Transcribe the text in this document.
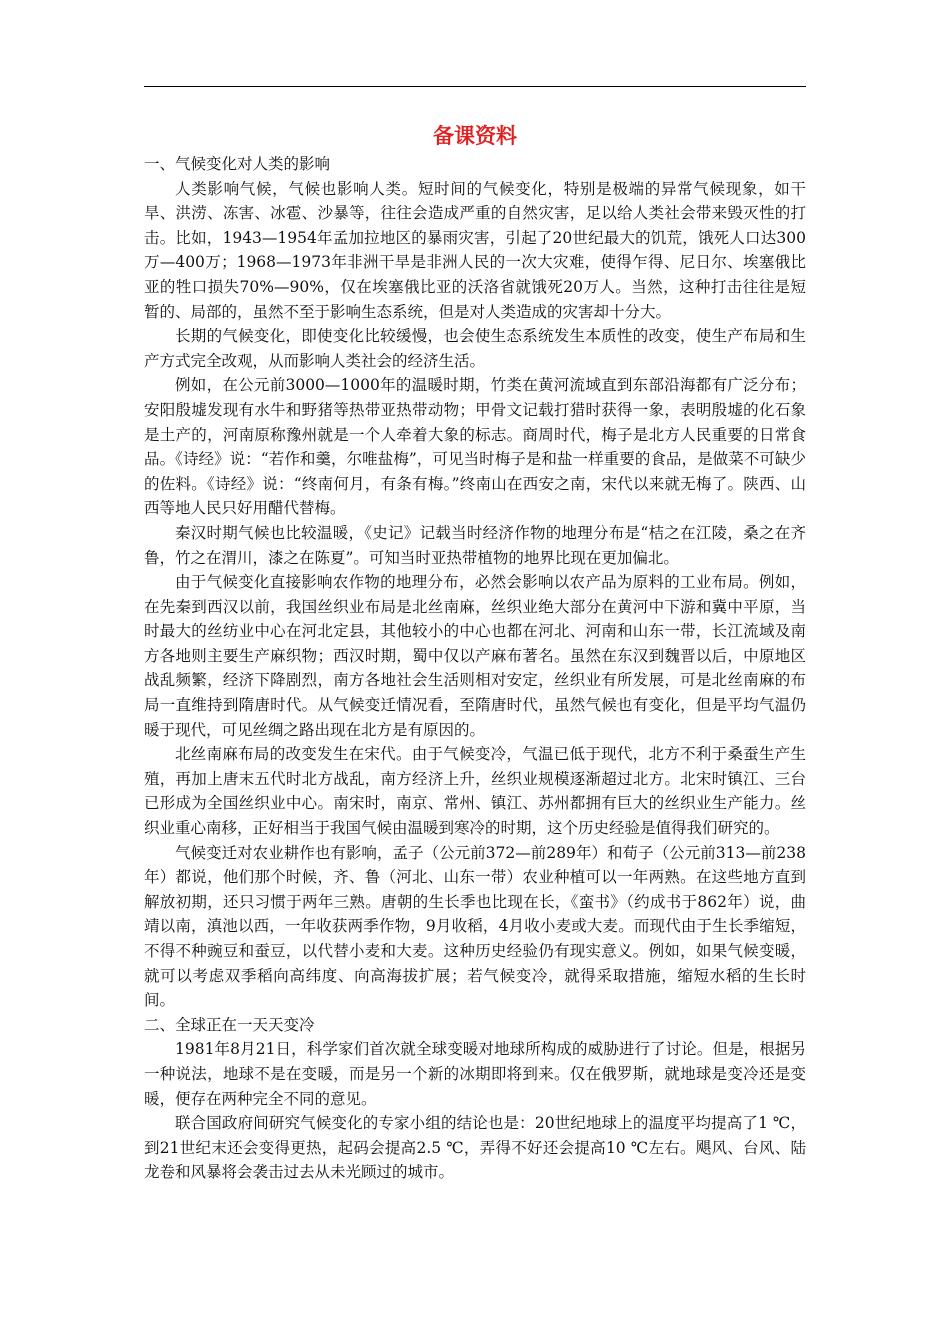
备课资料

一、气候变化对人类的影响

人类影响气候，气候也影响人类。短时间的气候变化，特别是极端的异常气候现象，如干旱、洪涝、冻害、冰雹、沙暴等，往往会造成严重的自然灾害，足以给人类社会带来毁灭性的打击。比如，1943—1954年孟加拉地区的暴雨灾害，引起了20世纪最大的饥荒，饿死人口达300万—400万；1968—1973年非洲干旱是非洲人民的一次大灾难，使得乍得、尼日尔、埃塞俄比亚的牲口损失70%—90%，仅在埃塞俄比亚的沃洛省就饿死20万人。当然，这种打击往往是短暂的、局部的，虽然不至于影响生态系统，但是对人类造成的灾害却十分大。

长期的气候变化，即使变化比较缓慢，也会使生态系统发生本质性的改变，使生产布局和生产方式完全改观，从而影响人类社会的经济生活。

例如，在公元前3000—1000年的温暖时期，竹类在黄河流域直到东部沿海都有广泛分布；安阳殷墟发现有水牛和野猪等热带亚热带动物；甲骨文记载打猎时获得一象，表明殷墟的化石象是土产的，河南原称豫州就是一个人牵着大象的标志。商周时代，梅子是北方人民重要的日常食品。《诗经》说：“若作和羹，尔唯盐梅”，可见当时梅子是和盐一样重要的食品，是做菜不可缺少的佐料。《诗经》说：“终南何月，有条有梅。”终南山在西安之南，宋代以来就无梅了。陕西、山西等地人民只好用醋代替梅。

秦汉时期气候也比较温暖，《史记》记载当时经济作物的地理分布是“桔之在江陵，桑之在齐鲁，竹之在渭川，漆之在陈夏”。可知当时亚热带植物的地界比现在更加偏北。

由于气候变化直接影响农作物的地理分布，必然会影响以农产品为原料的工业布局。例如，在先秦到西汉以前，我国丝织业布局是北丝南麻，丝织业绝大部分在黄河中下游和冀中平原，当时最大的丝纺业中心在河北定县，其他较小的中心也都在河北、河南和山东一带，长江流域及南方各地则主要生产麻织物；西汉时期，蜀中仅以产麻布著名。虽然在东汉到魏晋以后，中原地区战乱频繁，经济下降剧烈，南方各地社会生活则相对安定，丝织业有所发展，可是北丝南麻的布局一直维持到隋唐时代。从气候变迁情况看，至隋唐时代，虽然气候也有变化，但是平均气温仍暖于现代，可见丝绸之路出现在北方是有原因的。

北丝南麻布局的改变发生在宋代。由于气候变冷，气温已低于现代，北方不利于桑蚕生产生殖，再加上唐末五代时北方战乱，南方经济上升，丝织业规模逐渐超过北方。北宋时镇江、三台已形成为全国丝织业中心。南宋时，南京、常州、镇江、苏州都拥有巨大的丝织业生产能力。丝织业重心南移，正好相当于我国气候由温暖到寒冷的时期，这个历史经验是值得我们研究的。

气候变迁对农业耕作也有影响，孟子（公元前372—前289年）和荀子（公元前313—前238年）都说，他们那个时候，齐、鲁（河北、山东一带）农业种植可以一年两熟。在这些地方直到解放初期，还只习惯于两年三熟。唐朝的生长季也比现在长，《蛮书》（约成书于862年）说，曲靖以南，滇池以西，一年收获两季作物，9月收稻，4月收小麦或大麦。而现代由于生长季缩短，不得不种豌豆和蚕豆，以代替小麦和大麦。这种历史经验仍有现实意义。例如，如果气候变暖，就可以考虑双季稻向高纬度、向高海拔扩展；若气候变冷，就得采取措施，缩短水稻的生长时间。

二、全球正在一天天变冷

1981年8月21日，科学家们首次就全球变暖对地球所构成的威胁进行了讨论。但是，根据另一种说法，地球不是在变暖，而是另一个新的冰期即将到来。仅在俄罗斯，就地球是变冷还是变暖，便存在两种完全不同的意见。

联合国政府间研究气候变化的专家小组的结论也是：20世纪地球上的温度平均提高了1 ℃，到21世纪末还会变得更热，起码会提高2.5 ℃，弄得不好还会提高10 ℃左右。飓风、台风、陆龙卷和风暴将会袭击过去从未光顾过的城市。
